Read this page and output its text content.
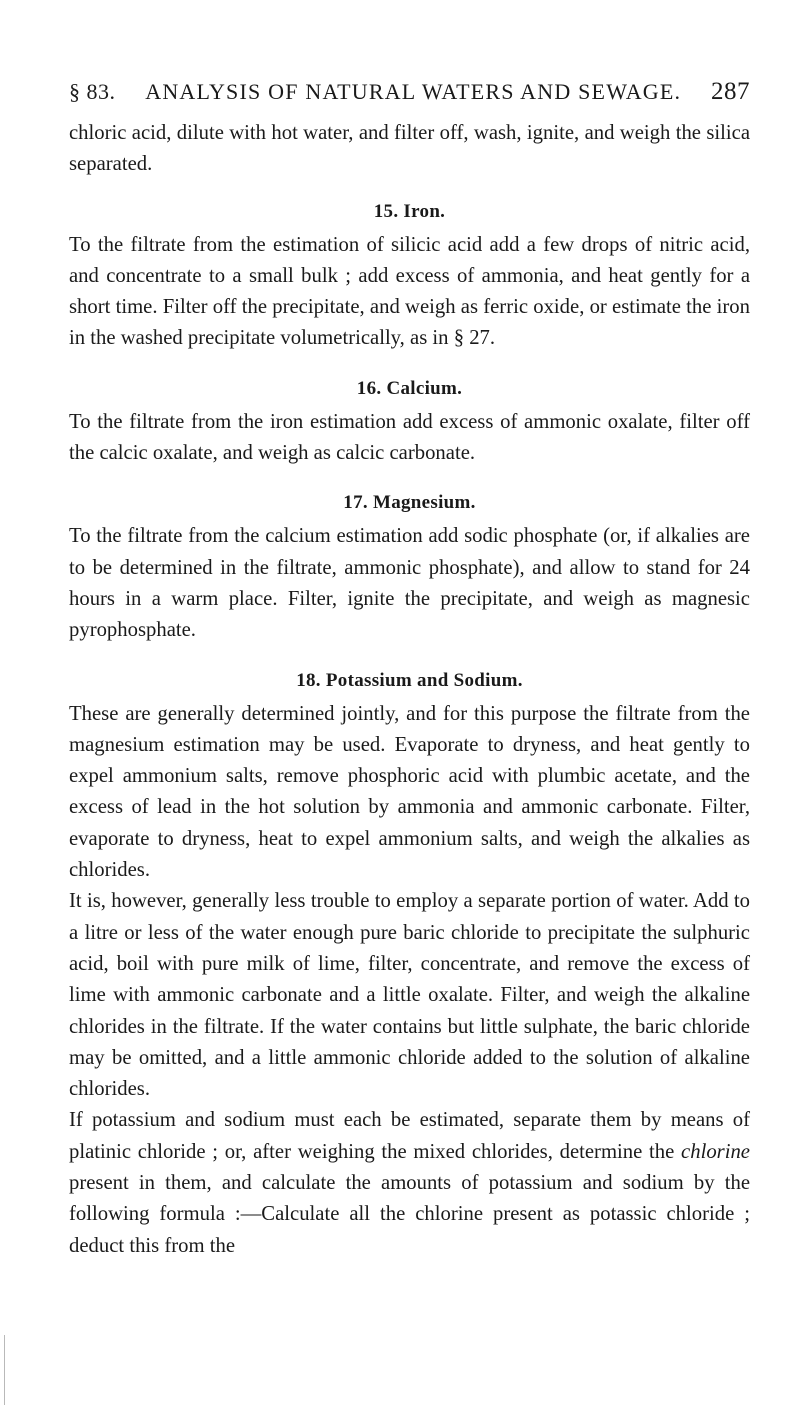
§ 83. ANALYSIS OF NATURAL WATERS AND SEWAGE. 287

chloric acid, dilute with hot water, and filter off, wash, ignite, and weigh the silica separated.

15. Iron.

To the filtrate from the estimation of silicic acid add a few drops of nitric acid, and concentrate to a small bulk ; add excess of ammonia, and heat gently for a short time. Filter off the precipitate, and weigh as ferric oxide, or estimate the iron in the washed precipitate volumetrically, as in § 27.

16. Calcium.

To the filtrate from the iron estimation add excess of ammonic oxalate, filter off the calcic oxalate, and weigh as calcic carbonate.

17. Magnesium.

To the filtrate from the calcium estimation add sodic phosphate (or, if alkalies are to be determined in the filtrate, ammonic phosphate), and allow to stand for 24 hours in a warm place. Filter, ignite the precipitate, and weigh as magnesic pyrophosphate.

18. Potassium and Sodium.

These are generally determined jointly, and for this purpose the filtrate from the magnesium estimation may be used. Evaporate to dryness, and heat gently to expel ammonium salts, remove phosphoric acid with plumbic acetate, and the excess of lead in the hot solution by ammonia and ammonic carbonate. Filter, evaporate to dryness, heat to expel ammonium salts, and weigh the alkalies as chlorides.

It is, however, generally less trouble to employ a separate portion of water. Add to a litre or less of the water enough pure baric chloride to precipitate the sulphuric acid, boil with pure milk of lime, filter, concentrate, and remove the excess of lime with ammonic carbonate and a little oxalate. Filter, and weigh the alkaline chlorides in the filtrate. If the water contains but little sulphate, the baric chloride may be omitted, and a little ammonic chloride added to the solution of alkaline chlorides.

If potassium and sodium must each be estimated, separate them by means of platinic chloride ; or, after weighing the mixed chlorides, determine the chlorine present in them, and calculate the amounts of potassium and sodium by the following formula :—Calculate all the chlorine present as potassic chloride ; deduct this from the
